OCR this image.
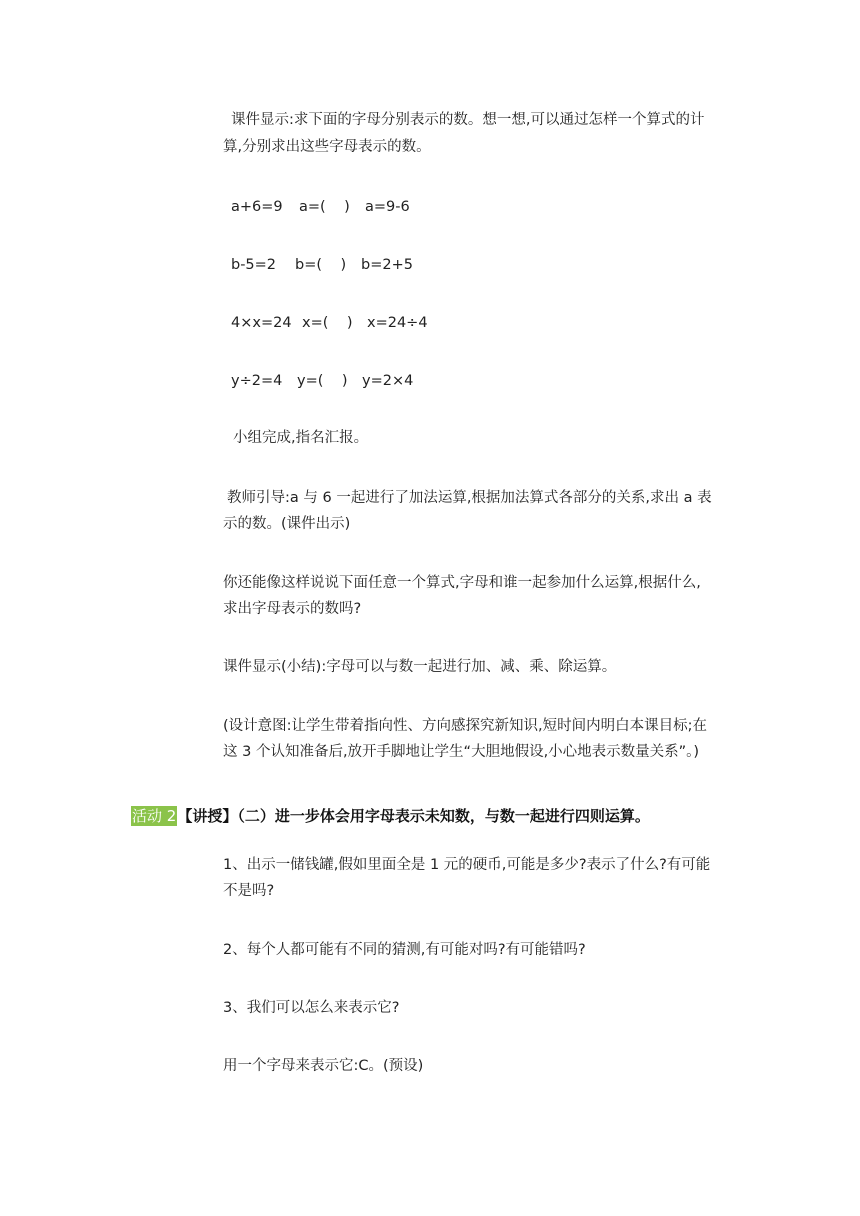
课件显示:求下面的字母分别表示的数。想一想,可以通过怎样一个算式的计
算,分别求出这些字母表示的数。
a+6=9 a=(    ) a=9-6
b-5=2 b=(    ) b=2+5
4×x=24 x=(    ) x=24÷4
y÷2=4 y=(    ) y=2×4
小组完成,指名汇报。
教师引导:a 与 6 一起进行了加法运算,根据加法算式各部分的关系,求出 a 表
示的数。(课件出示)
你还能像这样说说下面任意一个算式,字母和谁一起参加什么运算,根据什么,
求出字母表示的数吗?
课件显示(小结):字母可以与数一起进行加、减、乘、除运算。
(设计意图:让学生带着指向性、方向感探究新知识,短时间内明白本课目标;在
这 3 个认知准备后,放开手脚地让学生“大胆地假设,小心地表示数量关系”。)
活动 2【讲授】（二）进一步体会用字母表示未知数，与数一起进行四则运算。
1、出示一储钱罐,假如里面全是 1 元的硬币,可能是多少?表示了什么?有可能
不是吗?
2、每个人都可能有不同的猜测,有可能对吗?有可能错吗?
3、我们可以怎么来表示它?
用一个字母来表示它:C。(预设)
